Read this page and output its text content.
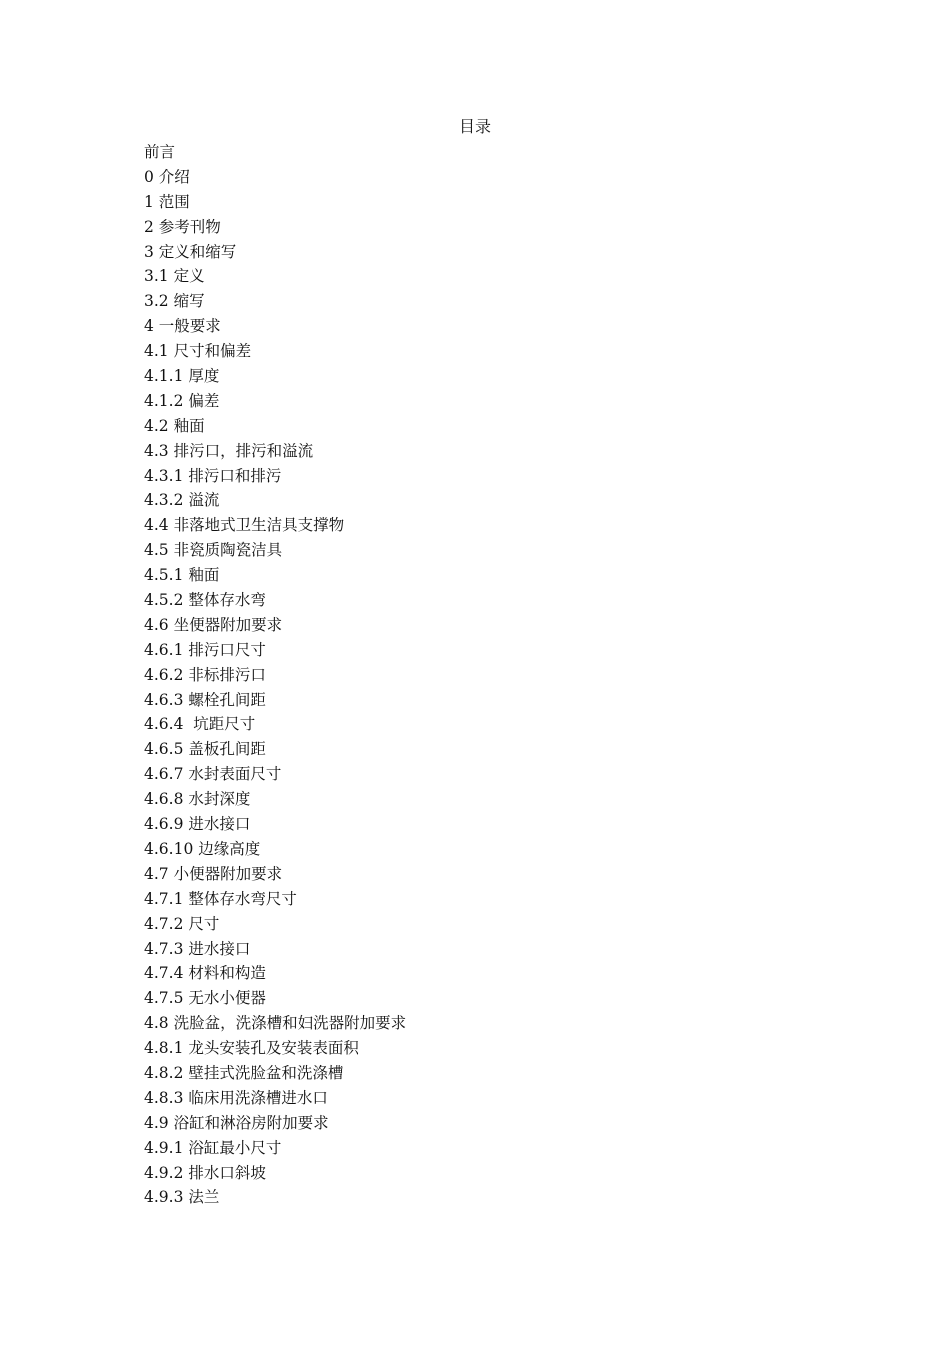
目录
前言
0 介绍
1 范围
2 参考刊物
3 定义和缩写
3.1 定义
3.2 缩写
4 一般要求
4.1 尺寸和偏差
4.1.1 厚度
4.1.2 偏差
4.2 釉面
4.3 排污口，排污和溢流
4.3.1 排污口和排污
4.3.2 溢流
4.4 非落地式卫生洁具支撑物
4.5 非瓷质陶瓷洁具
4.5.1 釉面
4.5.2 整体存水弯
4.6 坐便器附加要求
4.6.1 排污口尺寸
4.6.2 非标排污口
4.6.3 螺栓孔间距
4.6.4  坑距尺寸
4.6.5 盖板孔间距
4.6.7 水封表面尺寸
4.6.8 水封深度
4.6.9 进水接口
4.6.10 边缘高度
4.7 小便器附加要求
4.7.1 整体存水弯尺寸
4.7.2 尺寸
4.7.3 进水接口
4.7.4 材料和构造
4.7.5 无水小便器
4.8 洗脸盆，洗涤槽和妇洗器附加要求
4.8.1 龙头安装孔及安装表面积
4.8.2 壁挂式洗脸盆和洗涤槽
4.8.3 临床用洗涤槽进水口
4.9 浴缸和淋浴房附加要求
4.9.1 浴缸最小尺寸
4.9.2 排水口斜坡
4.9.3 法兰
